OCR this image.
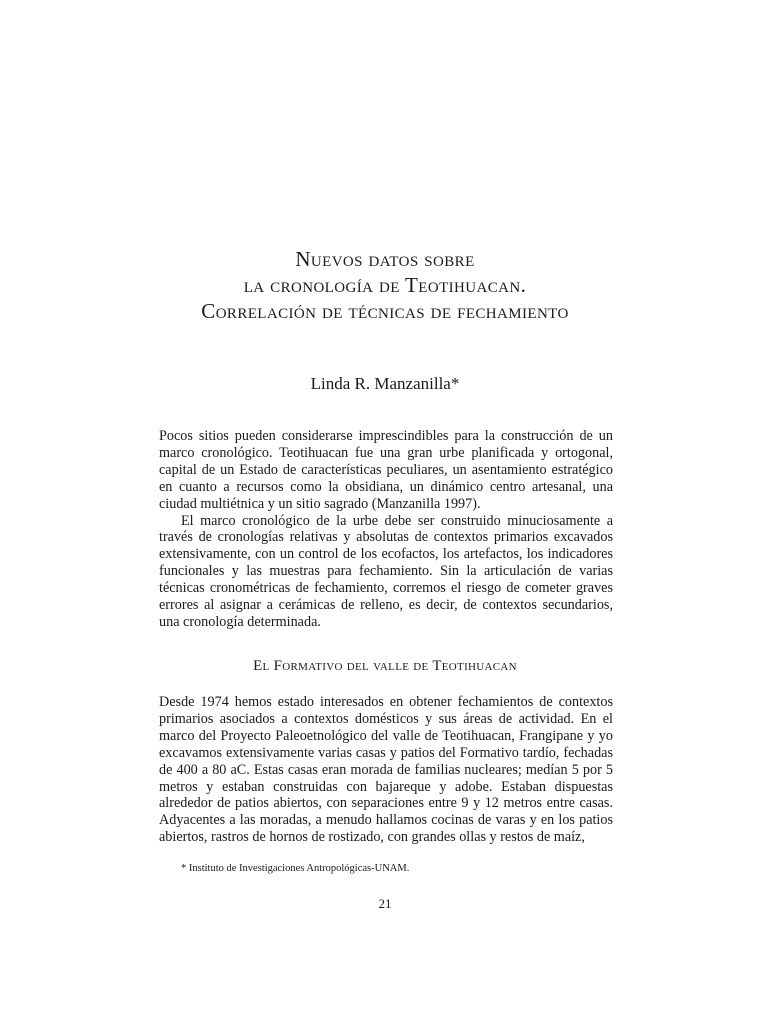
Nuevos datos sobre
la cronología de Teotihuacan.
Correlación de técnicas de fechamiento
Linda R. Manzanilla*

Pocos sitios pueden considerarse imprescindibles para la construcción de un marco cronológico. Teotihuacan fue una gran urbe planificada y ortogonal, capital de un Estado de características peculiares, un asentamiento estratégico en cuanto a recursos como la obsidiana, un dinámico centro artesanal, una ciudad multiétnica y un sitio sagrado (Manzanilla 1997).

El marco cronológico de la urbe debe ser construido minuciosamente a través de cronologías relativas y absolutas de contextos primarios excavados extensivamente, con un control de los ecofactos, los artefactos, los indicadores funcionales y las muestras para fechamiento. Sin la articulación de varias técnicas cronométricas de fechamiento, corremos el riesgo de cometer graves errores al asignar a cerámicas de relleno, es decir, de contextos secundarios, una cronología determinada.

El Formativo del valle de Teotihuacan

Desde 1974 hemos estado interesados en obtener fechamientos de contextos primarios asociados a contextos domésticos y sus áreas de actividad. En el marco del Proyecto Paleoetnológico del valle de Teotihuacan, Frangipane y yo excavamos extensivamente varias casas y patios del Formativo tardío, fechadas de 400 a 80 aC. Estas casas eran morada de familias nucleares; medían 5 por 5 metros y estaban construidas con bajareque y adobe. Estaban dispuestas alrededor de patios abiertos, con separaciones entre 9 y 12 metros entre casas. Adyacentes a las moradas, a menudo hallamos cocinas de varas y en los patios abiertos, rastros de hornos de rostizado, con grandes ollas y restos de maíz,

* Instituto de Investigaciones Antropológicas-UNAM.
21
